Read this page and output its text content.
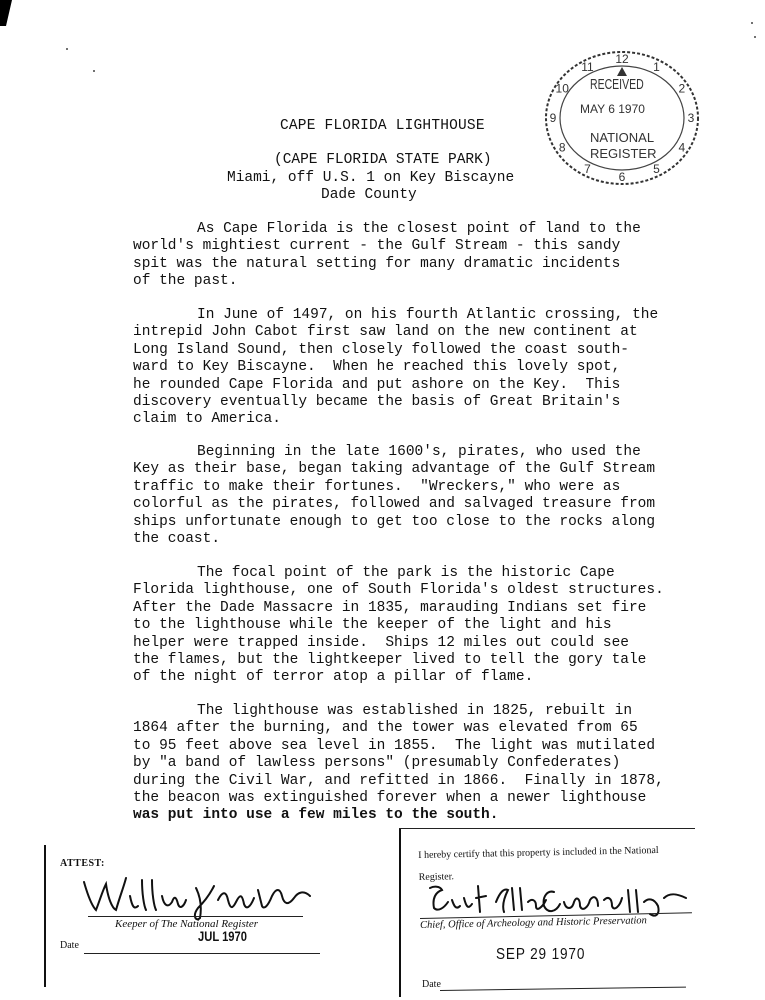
CAPE FLORIDA LIGHTHOUSE
(CAPE FLORIDA STATE PARK)
Miami, off U.S. 1 on Key Biscayne
Dade County
10
11
12
1
2
3
4
5
6
7
8
9
RECEIVED
MAY 6 1970
NATIONAL
REGISTER
As Cape Florida is the closest point of land to the
world's mightiest current - the Gulf Stream - this sandy
spit was the natural setting for many dramatic incidents
of the past.
In June of 1497, on his fourth Atlantic crossing, the
intrepid John Cabot first saw land on the new continent at
Long Island Sound, then closely followed the coast south-
ward to Key Biscayne.  When he reached this lovely spot,
he rounded Cape Florida and put ashore on the Key.  This
discovery eventually became the basis of Great Britain's
claim to America.
Beginning in the late 1600's, pirates, who used the
Key as their base, began taking advantage of the Gulf Stream
traffic to make their fortunes.  "Wreckers," who were as
colorful as the pirates, followed and salvaged treasure from
ships unfortunate enough to get too close to the rocks along
the coast.
The focal point of the park is the historic Cape
Florida lighthouse, one of South Florida's oldest structures.
After the Dade Massacre in 1835, marauding Indians set fire
to the lighthouse while the keeper of the light and his
helper were trapped inside.  Ships 12 miles out could see
the flames, but the lightkeeper lived to tell the gory tale
of the night of terror atop a pillar of flame.
The lighthouse was established in 1825, rebuilt in
1864 after the burning, and the tower was elevated from 65
to 95 feet above sea level in 1855.  The light was mutilated
by "a band of lawless persons" (presumably Confederates)
during the Civil War, and refitted in 1866.  Finally in 1878,
the beacon was extinguished forever when a newer lighthouse
was put into use a few miles to the south.
ATTEST:
Keeper of The National Register
Date
JUL 1970
I hereby certify that this property is included in the National Register.
Chief, Office of Archeology and Historic Preservation
SEP 29 1970
Date
